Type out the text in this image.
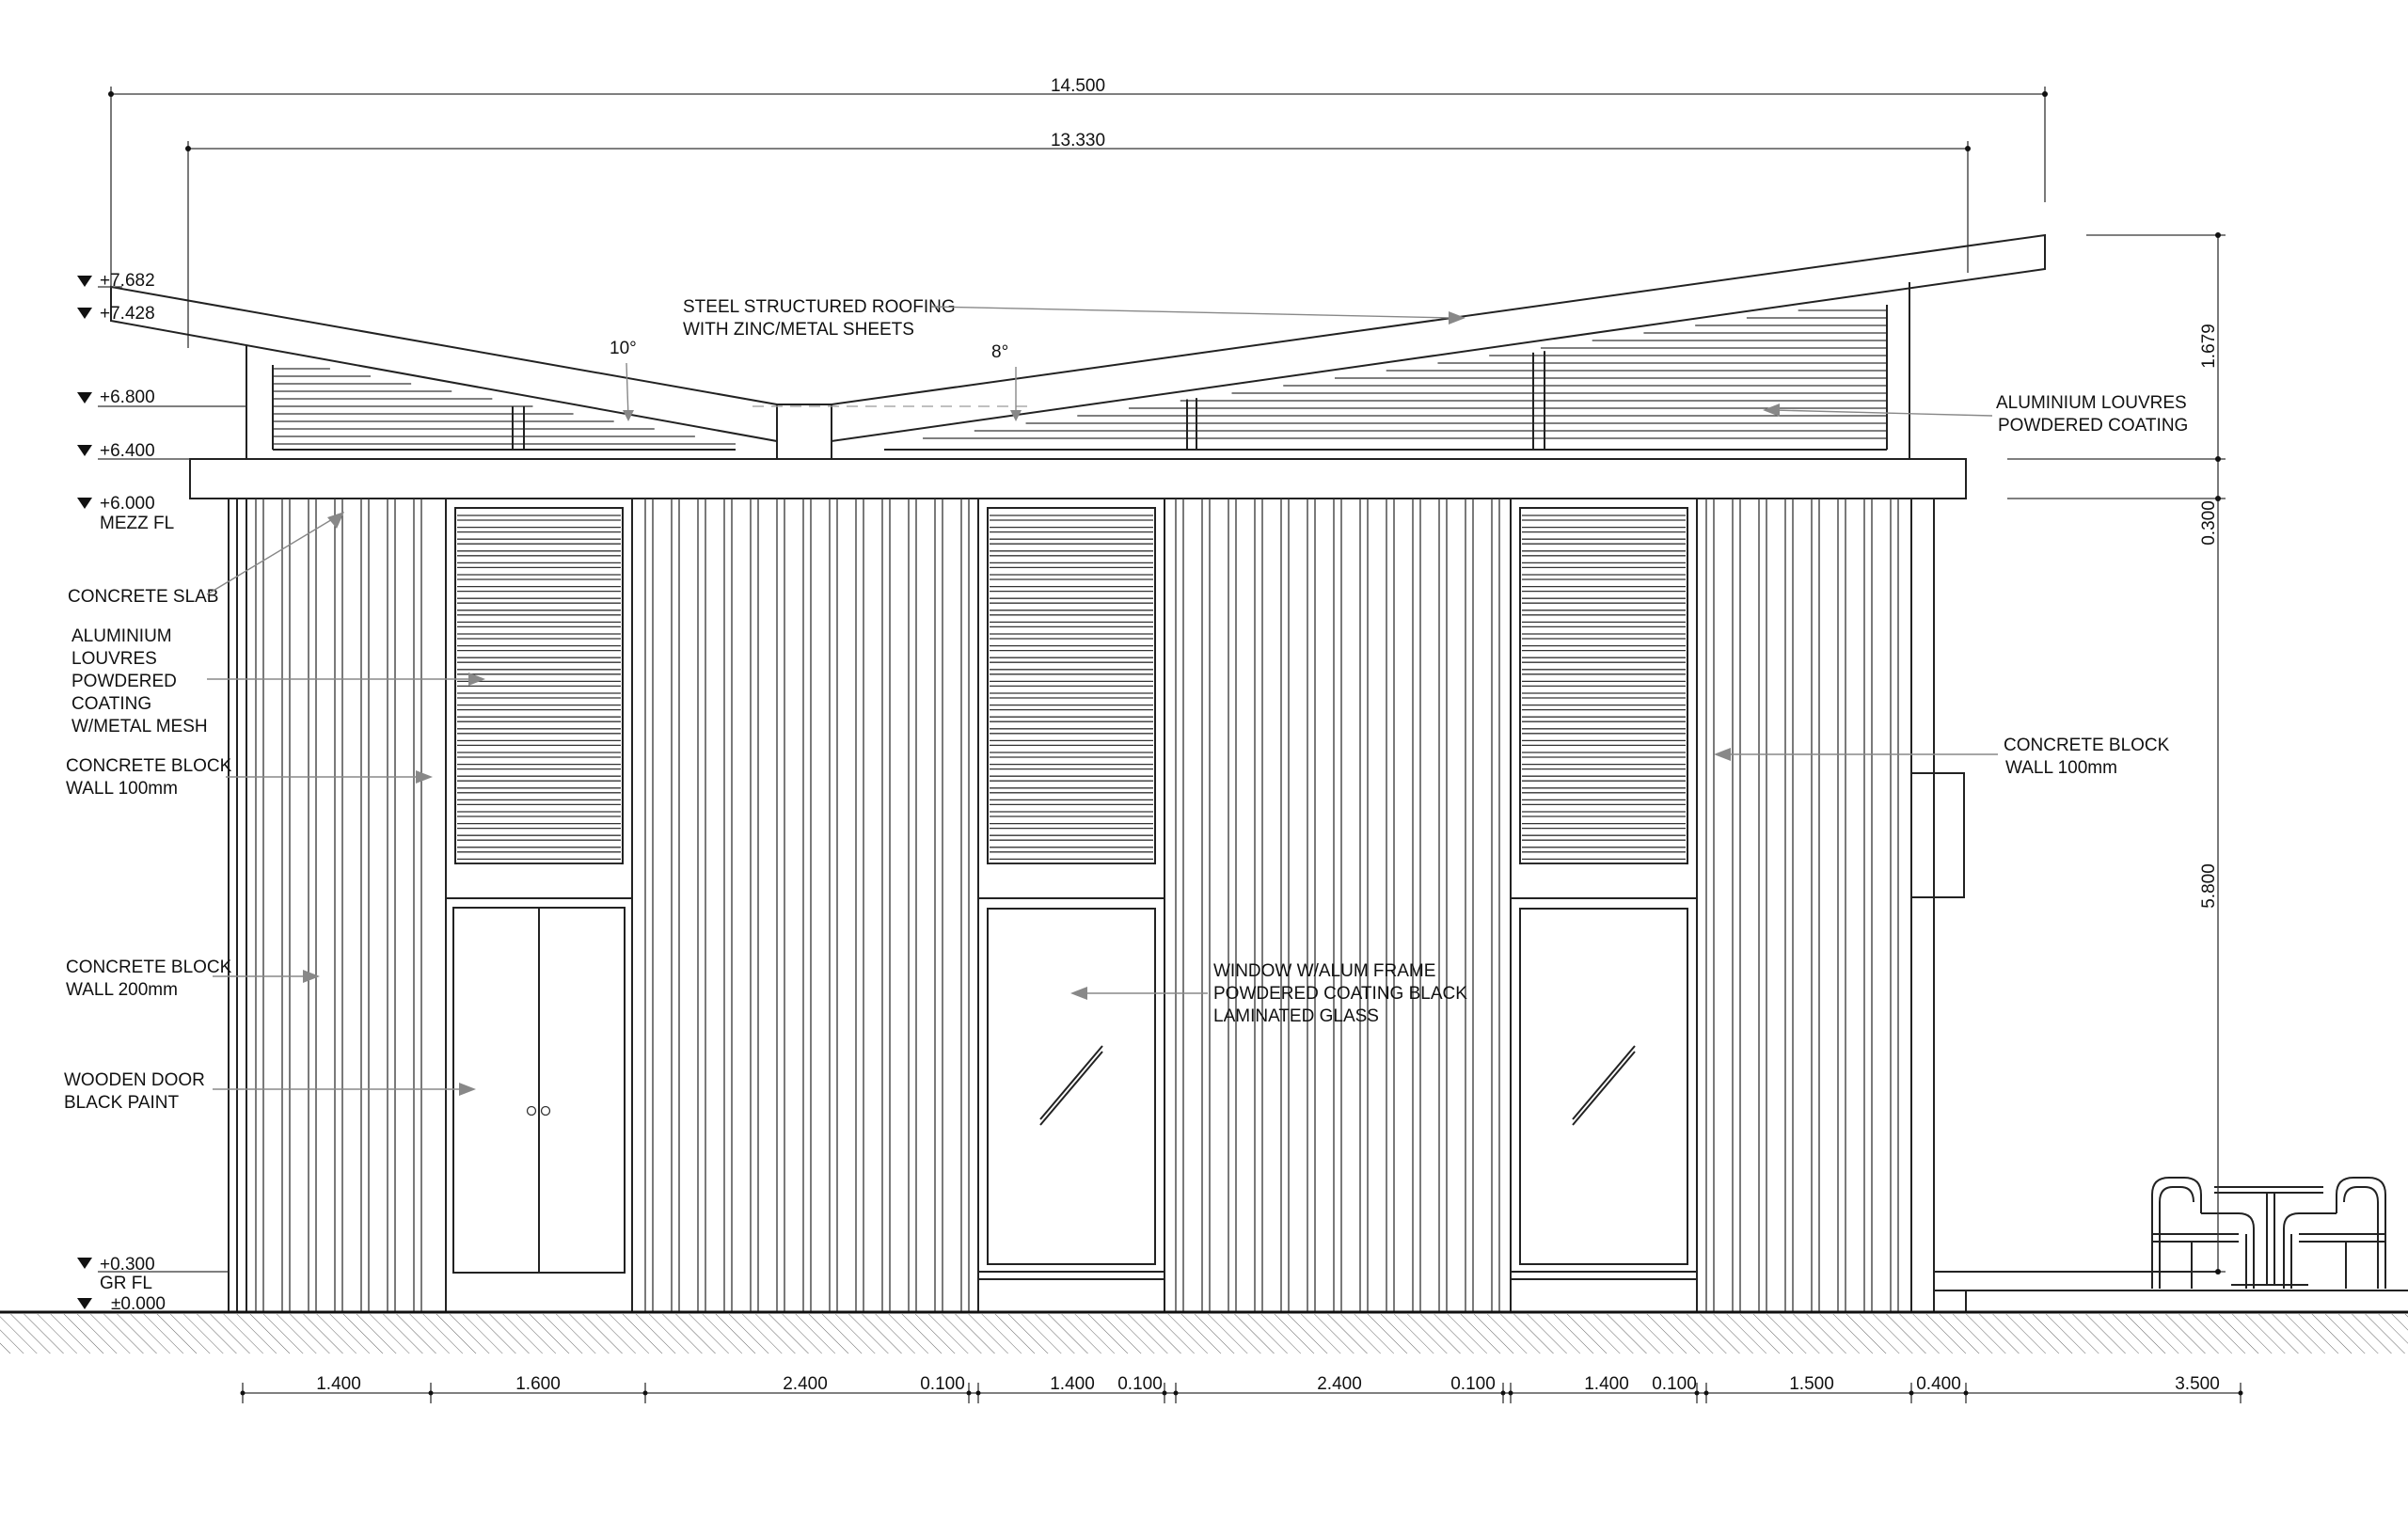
14.500
13.330
1.679
0.300
5.800
+7.682
+7.428
+6.800
+6.400
+6.000
MEZZ FL
+0.300
GR FL
±0.000
10°	8°
STEEL STRUCTURED ROOFING
WITH ZINC/METAL SHEETS
ALUMINIUM LOUVRES
POWDERED COATING
CONCRETE SLAB
ALUMINIUM
LOUVRES
POWDERED
COATING
W/METAL MESH
CONCRETE BLOCK
WALL 100mm
CONCRETE BLOCK
WALL 200mm
WOODEN DOOR
BLACK PAINT
WINDOW W/ALUM FRAME
POWDERED COATING BLACK
LAMINATED GLASS
CONCRETE BLOCK
WALL 100mm
1.400	1.600	2.400	0.100	1.400 0.100	2.400	0.100	1.400 0.100	1.500	0.400	3.500
